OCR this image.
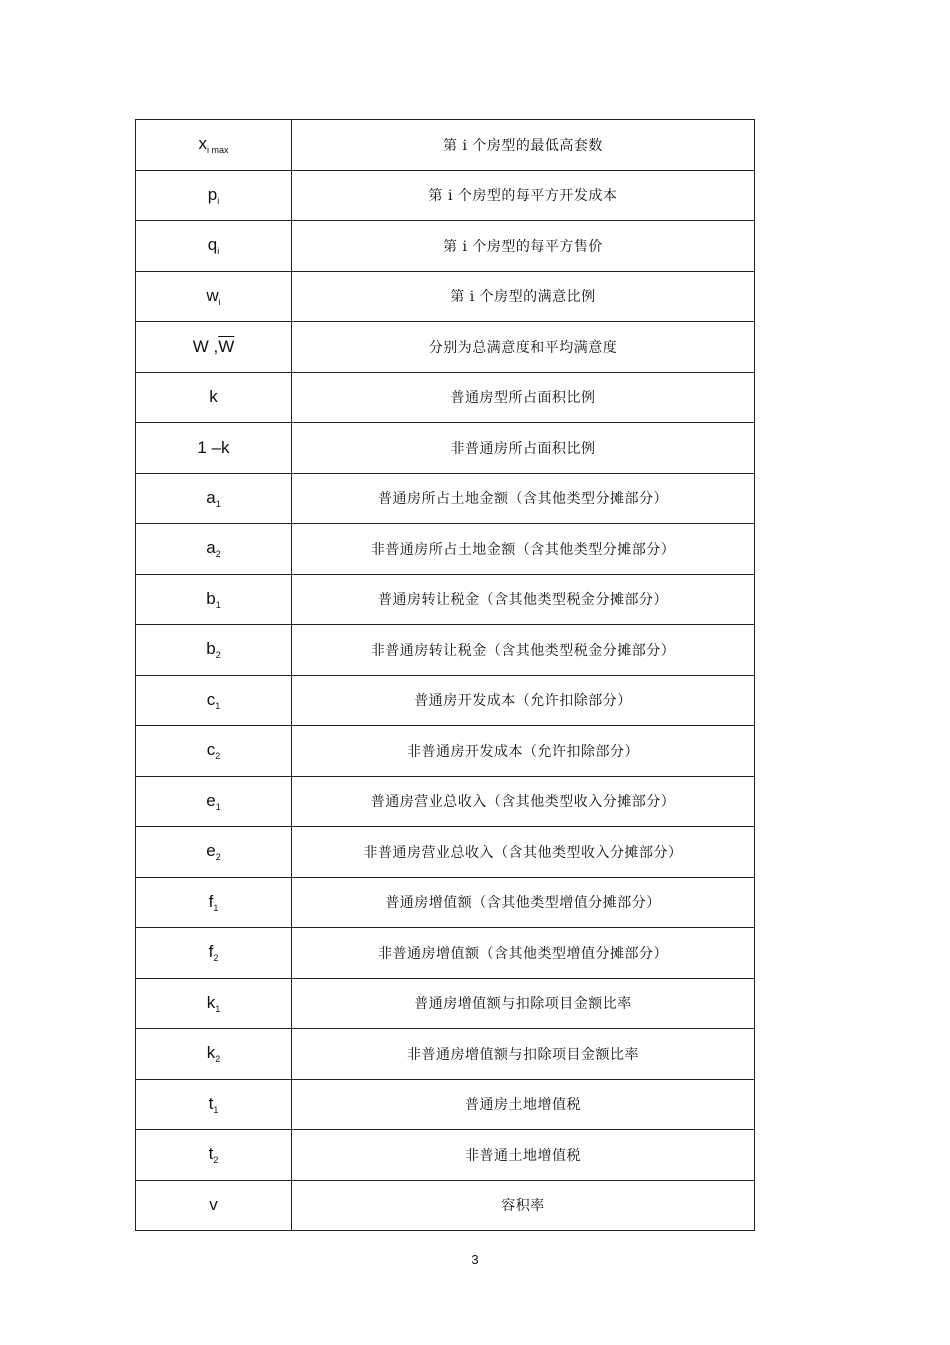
$x_{i max}$	第 i 个房型的最低高套数
$p_i$	第 i 个房型的每平方开发成本
$q_i$	第 i 个房型的每平方售价
$w_i$	第 i 个房型的满意比例
W $,\overline{W}$	分别为总满意度和平均满意度
k	普通房型所占面积比例
1 –k	非普通房所占面积比例
$a_1$	普通房所占土地金额（含其他类型分摊部分）
$a_2$	非普通房所占土地金额（含其他类型分摊部分）
$b_1$	普通房转让税金（含其他类型税金分摊部分）
$b_2$	非普通房转让税金（含其他类型税金分摊部分）
$c_1$	普通房开发成本（允许扣除部分）
$c_2$	非普通房开发成本（允许扣除部分）
$e_1$	普通房营业总收入（含其他类型收入分摊部分）
$e_2$	非普通房营业总收入（含其他类型收入分摊部分）
$f_1$	普通房增值额（含其他类型增值分摊部分）
$f_2$	非普通房增值额（含其他类型增值分摊部分）
$k_1$	普通房增值额与扣除项目金额比率
$k_2$	非普通房增值额与扣除项目金额比率
$t_1$	普通房土地增值税
$t_2$	非普通土地增值税
v	容积率
3
